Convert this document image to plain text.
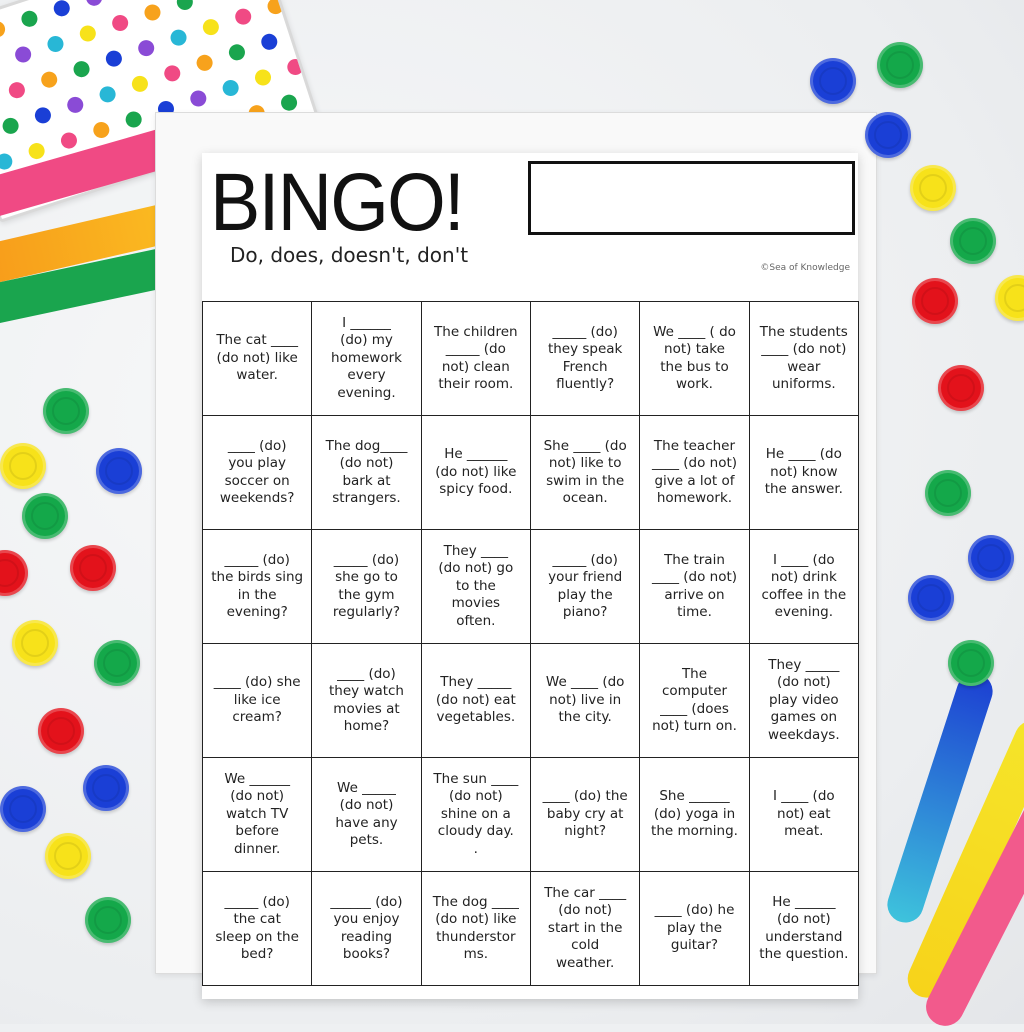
BINGO!
Do, does, doesn't, don't
©Sea of Knowledge
The cat ____
(do not) like
water.
I ______
(do) my
homework
every
evening.
The children
_____ (do
not) clean
their room.
_____ (do)
they speak
French
fluently?
We ____ ( do
not) take
the bus to
work.
The students
____ (do not)
wear
uniforms.
____ (do)
you play
soccer on
weekends?
The dog____
(do not)
bark at
strangers.
He ______
(do not) like
spicy food.
She ____ (do
not) like to
swim in the
ocean.
The teacher
____ (do not)
give a lot of
homework.
He ____ (do
not) know
the answer.
_____ (do)
the birds sing
in the
evening?
_____ (do)
she go to
the gym
regularly?
They ____
(do not) go
to the
movies
often.
_____ (do)
your friend
play the
piano?
The train
____ (do not)
arrive on
time.
I ____ (do
not) drink
coffee in the
evening.
____ (do) she
like ice
cream?
____ (do)
they watch
movies at
home?
They _____
(do not) eat
vegetables.
We ____ (do
not) live in
the city.
The
computer
____ (does
not) turn on.
They _____
(do not)
play video
games on
weekdays.
We ______
(do not)
watch TV
before
dinner.
We _____
(do not)
have any
pets.
The sun ____
(do not)
shine on a
cloudy day.
.
____ (do) the
baby cry at
night?
She ______
(do) yoga in
the morning.
I ____ (do
not) eat
meat.
_____ (do)
the cat
sleep on the
bed?
______ (do)
you enjoy
reading
books?
The dog ____
(do not) like
thunderstor
ms.
The car ____
(do not)
start in the
cold
weather.
____ (do) he
play the
guitar?
He ______
(do not)
understand
the question.
